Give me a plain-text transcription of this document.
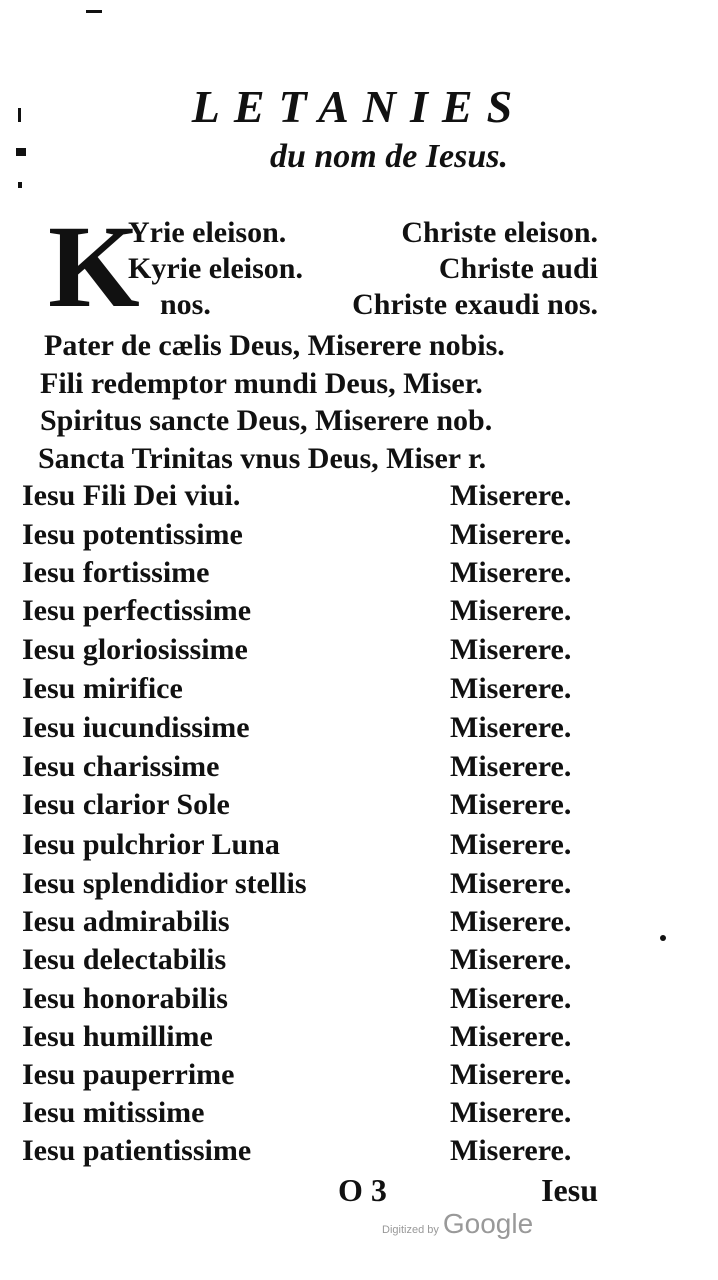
LETANIES
du nom de Iesus.
K
Yrie eleison.	Christe eleison.
Kyrie eleison.	Christe audi
nos.	Christe exaudi nos.
Pater de cælis Deus, Miserere nobis.
Fili redemptor mundi Deus, Miser.
Spiritus sancte Deus, Miserere nob.
Sancta Trinitas vnus Deus, Miser r.
Iesu Fili Dei viui.	Miserere.
Iesu potentissime	Miserere.
Iesu fortissime	Miserere.
Iesu perfectissime	Miserere.
Iesu gloriosissime	Miserere.
Iesu mirifice	Miserere.
Iesu iucundissime	Miserere.
Iesu charissime	Miserere.
Iesu clarior Sole	Miserere.
Iesu pulchrior Luna	Miserere.
Iesu splendidior stellis	Miserere.
Iesu admirabilis	Miserere.
Iesu delectabilis	Miserere.
Iesu honorabilis	Miserere.
Iesu humillime	Miserere.
Iesu pauperrime	Miserere.
Iesu mitissime	Miserere.
Iesu patientissime	Miserere.
O 3	Iesu
Digitized by Google
